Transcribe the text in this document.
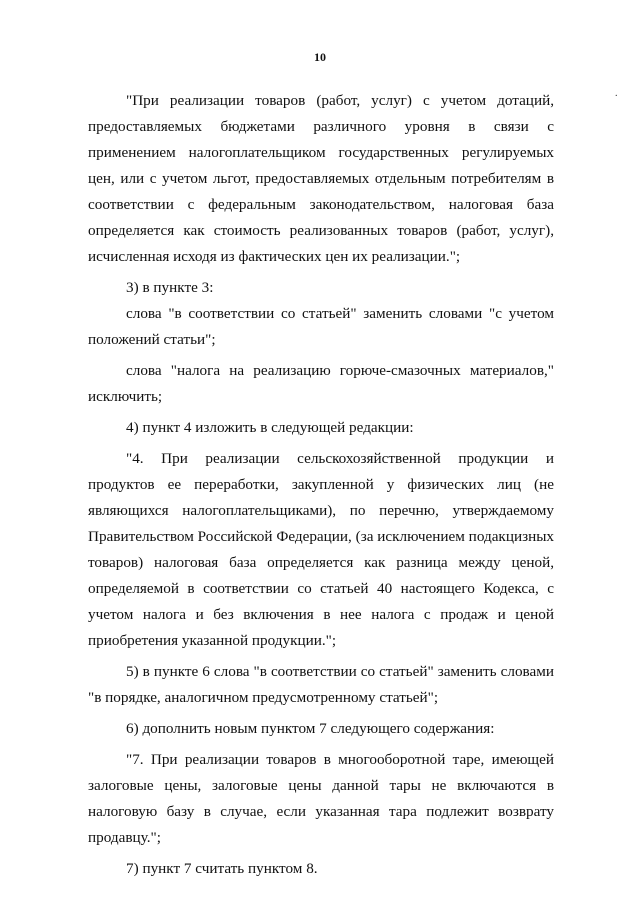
10
.

"При реализации товаров (работ, услуг) с учетом дотаций, предоставляемых бюджетами различного уровня в связи с применением налогоплательщиком государственных регулируемых цен, или с учетом льгот, предоставляемых отдельным потребителям в соответствии с федеральным законодательством, налоговая база определяется как стоимость реализованных товаров (работ, услуг), исчисленная исходя из фактических цен их реализации.";

3) в пункте 3:

слова "в соответствии со статьей" заменить словами "с учетом положений статьи";

слова "налога на реализацию горюче-смазочных материалов," исключить;

4) пункт 4 изложить в следующей редакции:

"4. При реализации сельскохозяйственной продукции и продуктов ее переработки, закупленной у физических лиц (не являющихся налогоплательщиками), по перечню, утверждаемому Правительством Российской Федерации, (за исключением подакцизных товаров) налоговая база определяется как разница между ценой, определяемой в соответствии со статьей 40 настоящего Кодекса, с учетом налога и без включения в нее налога с продаж и ценой приобретения указанной продукции.";

5) в пункте 6 слова "в соответствии со статьей" заменить словами "в порядке, аналогичном предусмотренному статьей";

6) дополнить новым пунктом 7 следующего содержания:

"7. При реализации товаров в многооборотной таре, имеющей залоговые цены, залоговые цены данной тары не включаются в налоговую базу в случае, если указанная тара подлежит возврату продавцу.";

7) пункт 7 считать пунктом 8.
